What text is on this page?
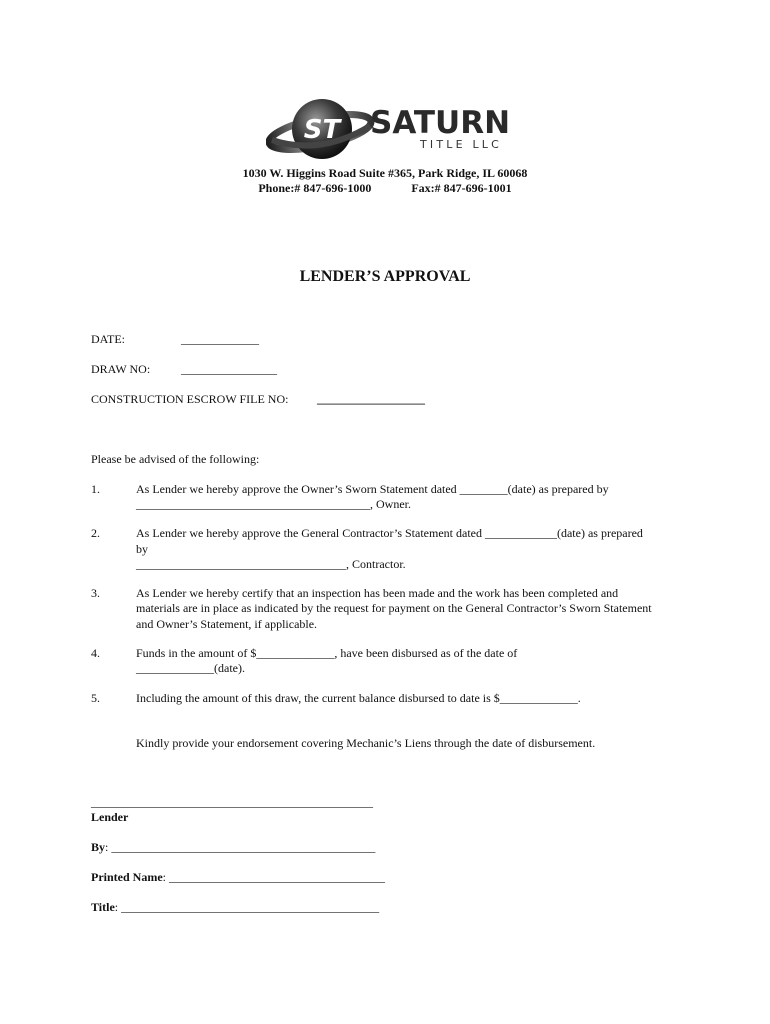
ST SATURN
TITLE LLC
1030 W. Higgins Road Suite #365, Park Ridge, IL 60068
Phone:# 847-696-1000	Fax:# 847-696-1001
LENDER’S APPROVAL
DATE:	_____________
DRAW NO:	________________
CONSTRUCTION ESCROW FILE NO: __________________
Please be advised of the following:
1.	As Lender we hereby approve the Owner’s Sworn Statement dated ________(date) as prepared by
_______________________________________, Owner.
2.	As Lender we hereby approve the General Contractor’s Statement dated ____________(date) as prepared
by
___________________________________, Contractor.
3.	As Lender we hereby certify that an inspection has been made and the work has been completed and
materials are in place as indicated by the request for payment on the General Contractor’s Sworn Statement
and Owner’s Statement, if applicable.
4.	Funds in the amount of $_____________, have been disbursed as of the date of
_____________(date).
5.	Including the amount of this draw, the current balance disbursed to date is $_____________.
Kindly provide your endorsement covering Mechanic’s Liens through the date of disbursement.
_______________________________________________
Lender
By: ____________________________________________
Printed Name: ____________________________________
Title: ___________________________________________
